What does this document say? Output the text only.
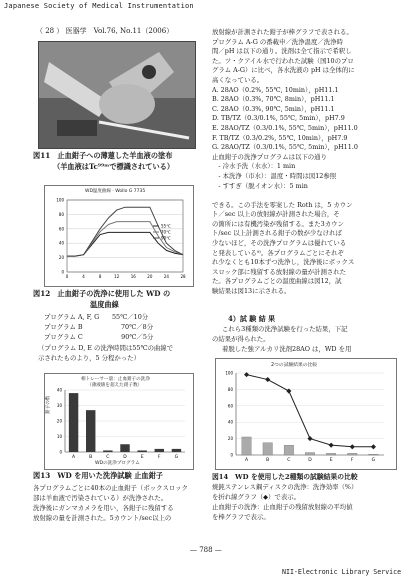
Japanese Society of Medical Instrumentation
（ 28 ） 医器学　Vol.76, No.11（2006）
図11　止血鉗子への薄蓮した羊血液の塗布
（羊血液はTc⁹⁹ᵐで標識されている）
WD温度曲線 · Wollo G 7735
0
20
40
60
80
100
0	4	8	12	16	20	24	28
55℃
70℃
90℃
図12　止血鉗子の洗浄に使用した WD の
温度曲線
プログラム A, F, G　　55℃／10分
プログラム B　　　　　　70℃／8分
プログラム C　　　　　　90℃／5分
（プログラム D, E の洗浄時間は55℃の曲線で
示されたものより，5 分程かった）
相トレーサー量：止血鉗子の洗浄
（薄液値を超えた鉗子数）
鉗子の数
0
10
20
30
40
A	B	C	D	E	F	G
WDの洗浄プログラム
図13　WD を用いた洗浄試験 止血鉗子
各プログラムごとに40本の止血鉗子（ボックスロック
部は羊血液で汚染されている）が洗浄された。
洗浄後にガンマカメラを用い，各鉗子に残留する
放射線の量を計測された。5カウント/sec以上の
放射線が計測された鉗子が棒グラフで表される。
プログラム A-G の番載申／洗浄温度／洗浄時
間／pH は以下の通り。洗剤は全て指示で希釈し
た。ツ・クアイル水で行われた試験（国10のプロ
グラム A-G）に比べ，各水洗液の pH は全体的に
高くなっている。
A. 28AO（0.2%, 55℃, 10min），pH11.1
B. 28AO（0.3%, 70℃, 8min），pH11.1
C. 28AO（0.3%, 90℃, 5min），pH11.1
D. TB/TZ（0.3/0.1%, 55℃, 5min），pH7.9
E. 28AO/TZ（0.3/0.1%, 55℃, 5min），pH11.0
F. TB/TZ（0.3/0.2%, 55℃, 10min），pH7.9
G. 28AO/TZ（0.3/0.1%, 55℃, 5min），pH11.0
止血鉗子の洗浄プログラムは以下の通り
　- 冷水予洗（水水）：1 min
　- 本洗浄（市水）：温度・時間は図12参照
　- すすぎ（脱イオン水）：5 min
できる。この手法を零案した Roth は，5 カウン
ト／sec 以上の放射線が計測された場合，そ
の箇所には有機汚染が残留する。また3カウン
ト/sec 以上計測される鉗子の数が少なければ
少ないほど，その洗浄プログラムは優れている
と発表している⁹⁾。各プログラムごとにそれぞ
れ少なくとも10本ずつ洗浄し，洗浄後にボックス
スロック部に残留する放射線の量が計測された
た。各プログラムごとの温度曲線は図12，試
験結果は図13に示される。
4）試 験 結 果
これら3種類の洗浄試験を行った結果，下記
の結果が得られた。
着脱した強アルカリ洗剤28AO は，WD を用
2つの試験結果の比較
0
20
40
60
80
100
A	B	C	D	E	F	G
図14　WD を使用した2種類の試験結果の比較
焼鈍ステンレス鋼ディスクの洗浄：洗浄効率（%）
を折れ線グラフ（◆）で表示。
止血鉗子の洗浄：止血鉗子の残留放射線の平均値
を棒グラフで表示。
— 788 —
NII-Electronic Library Service
